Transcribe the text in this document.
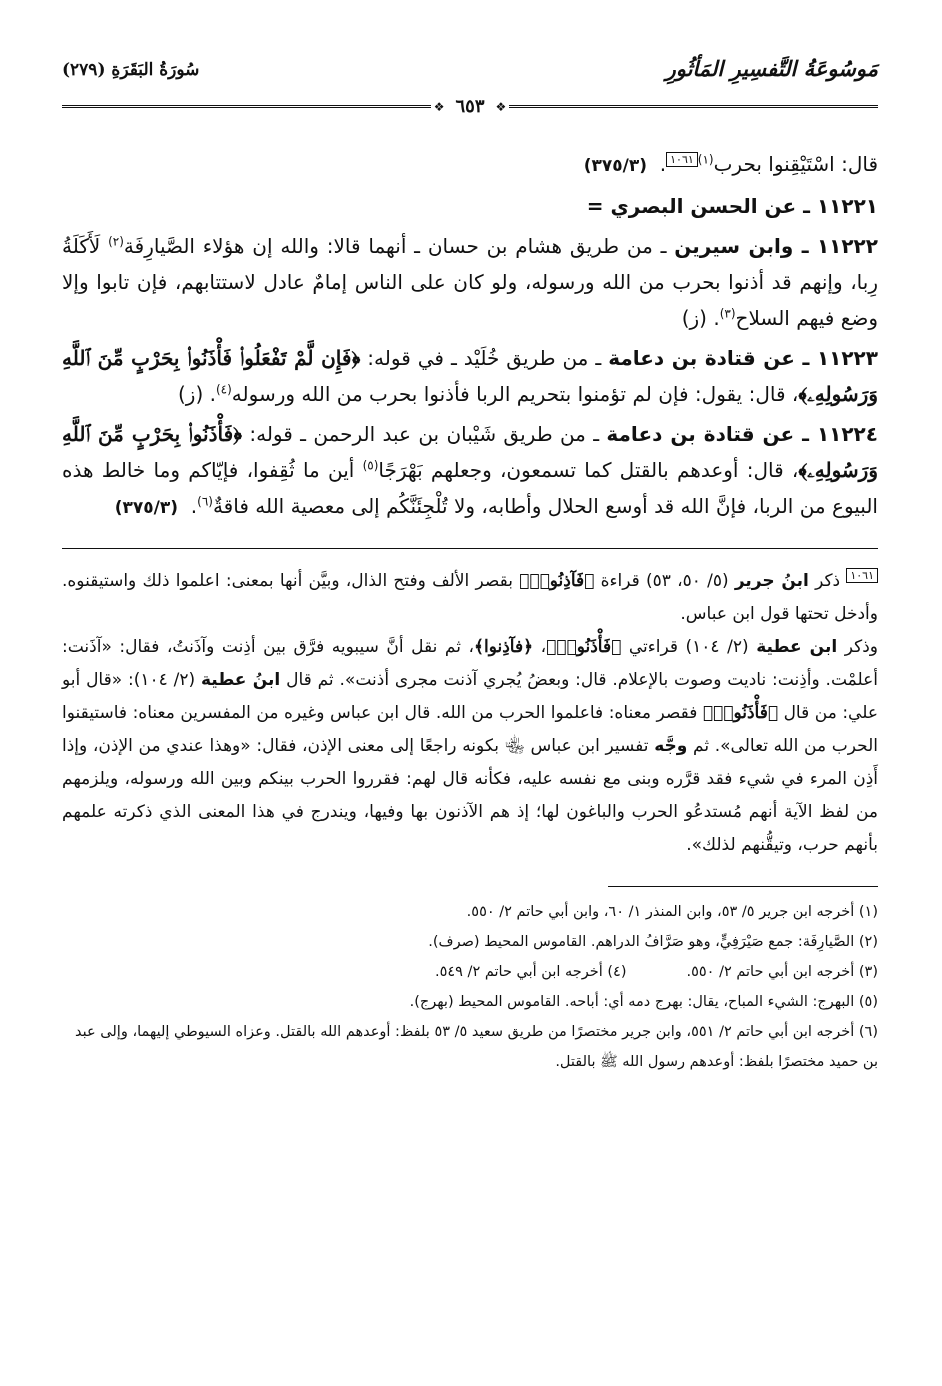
مَوسُوعَةُ التَّفسِيرِ المَأثُورِ
سُورَةُ البَقَرَةِ (٢٧٩)
❖ ٦٥٣ ❖

قال: اسْتَيْقِنوا بحرب$^{(١)}$١٠٦١.  (٣٧٥/٣)

١١٢٢١ ـ عن الحسن البصري =

١١٢٢٢ ـ وابن سيرين ـ من طريق هشام بن حسان ـ أنهما قالا: والله إن هؤلاء الصَّيارِفَة$^{(٢)}$ لَأَكَلَةُ رِبا، وإنهم قد أذنوا بحرب من الله ورسوله، ولو كان على الناس إمامٌ عادل لاستتابهم، فإن تابوا وإلا وضع فيهم السلاح$^{(٣)}$. (ز)

١١٢٢٣ ـ عن قتادة بن دعامة ـ من طريق خُلَيْد ـ في قوله: ﴿فَإِن لَّمْ تَفْعَلُوا۟ فَأْذَنُوا۟ بِحَرْبٍ مِّنَ ٱللَّهِ وَرَسُولِهِۦ﴾، قال: يقول: فإن لم تؤمنوا بتحريم الربا فأذنوا بحرب من الله ورسوله$^{(٤)}$. (ز)

١١٢٢٤ ـ عن قتادة بن دعامة ـ من طريق شَيْبان بن عبد الرحمن ـ قوله: ﴿فَأْذَنُوا۟ بِحَرْبٍ مِّنَ ٱللَّهِ وَرَسُولِهِۦ﴾، قال: أوعدهم بالقتل كما تسمعون، وجعلهم بَهْرَجًا$^{(٥)}$ أين ما ثُقِفوا، فإيّاكم وما خالط هذه البيوع من الربا، فإنَّ الله قد أوسع الحلال وأطابه، ولا تُلْجِئَنَّكُم إلى معصية الله فاقةٌ$^{(٦)}$.  (٣٧٥/٣)

١٠٦١ ذكر ابنُ جرير (٥/ ٥٠، ٥٣) قراءة ﴿فَآذِنُوا۟﴾ بقصر الألف وفتح الذال، وبيَّن أنها بمعنى: اعلموا ذلك واستيقنوه. وأدخل تحتها قول ابن عباس.

وذكر ابن عطية (٢/ ١٠٤) قراءتي ﴿فَأْذَنُوا۟﴾، ﴿فآذِنوا﴾، ثم نقل أنَّ سيبويه فرَّق بين أذِنت وآذَنتُ، فقال: «آذَنت: أعلمْت. وأذِنت: ناديت وصوت بالإعلام. قال: وبعضُ يُجري آذنت مجرى أذنت». ثم قال ابنُ عطية (٢/ ١٠٤): «قال أبو علي: من قال ﴿فَأْذَنُوا۟﴾ فقصر معناه: فاعلموا الحرب من الله. قال ابن عباس وغيره من المفسرين معناه: فاستيقنوا الحرب من الله تعالى». ثم وجَّه تفسير ابن عباس ﵄ بكونه راجعًا إلى معنى الإذن، فقال: «وهذا عندي من الإذن، وإذا أَذِن المرء في شيء فقد قرَّره وبنى مع نفسه عليه، فكأنه قال لهم: فقرروا الحرب بينكم وبين الله ورسوله، ويلزمهم من لفظ الآية أنهم مُستدعُو الحرب والباغون لها؛ إذ هم الآذنون بها وفيها، ويندرج في هذا المعنى الذي ذكرته علمهم بأنهم حرب، وتيقُّنهم لذلك».

(١) أخرجه ابن جرير ٥/ ٥٣، وابن المنذر ١/ ٦٠، وابن أبي حاتم ٢/ ٥٥٠.

(٢) الصَّيارِفَة: جمع صَيْرَفِيٍّ، وهو صَرَّافُ الدراهم. القاموس المحيط (صرف).

(٣) أخرجه ابن أبي حاتم ٢/ ٥٥٠.
(٤) أخرجه ابن أبي حاتم ٢/ ٥٤٩.

(٥) البهرج: الشيء المباح، يقال: بهرج دمه أي: أباحه. القاموس المحيط (بهرج).

(٦) أخرجه ابن أبي حاتم ٢/ ٥٥١، وابن جرير مختصرًا من طريق سعيد ٥/ ٥٣ بلفظ: أوعدهم الله بالقتل. وعزاه السيوطي إليهما، وإلى عبد بن حميد مختصرًا بلفظ: أوعدهم رسول الله ﷺ بالقتل.
